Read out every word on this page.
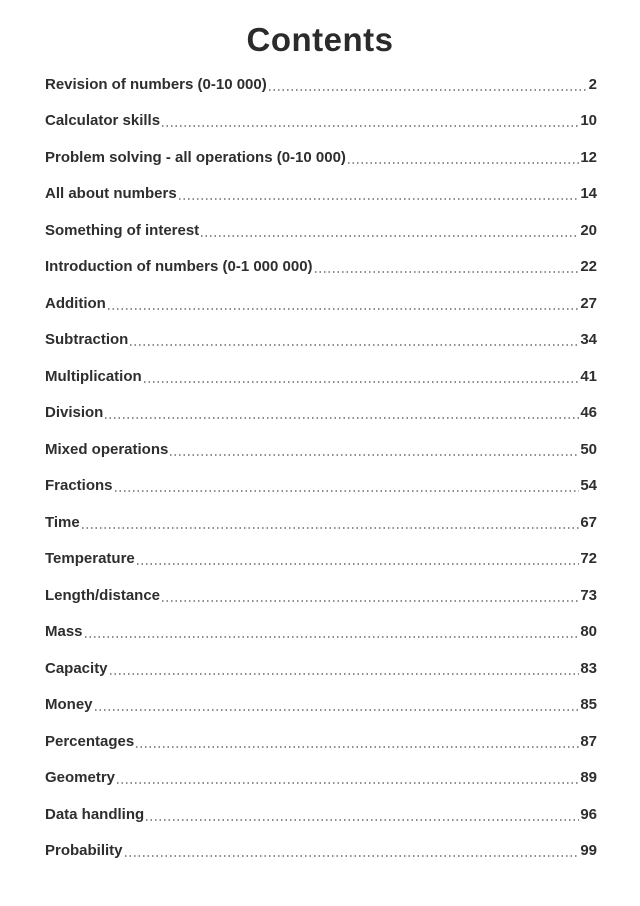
Contents
Revision of numbers (0-10 000)	2
Calculator skills	10
Problem solving - all operations (0-10 000)	12
All about numbers	14
Something of interest	20
Introduction of numbers (0-1 000 000)	22
Addition	27
Subtraction	34
Multiplication	41
Division	46
Mixed operations	50
Fractions	54
Time	67
Temperature	72
Length/distance	73
Mass	80
Capacity	83
Money	85
Percentages	87
Geometry	89
Data handling	96
Probability	99
